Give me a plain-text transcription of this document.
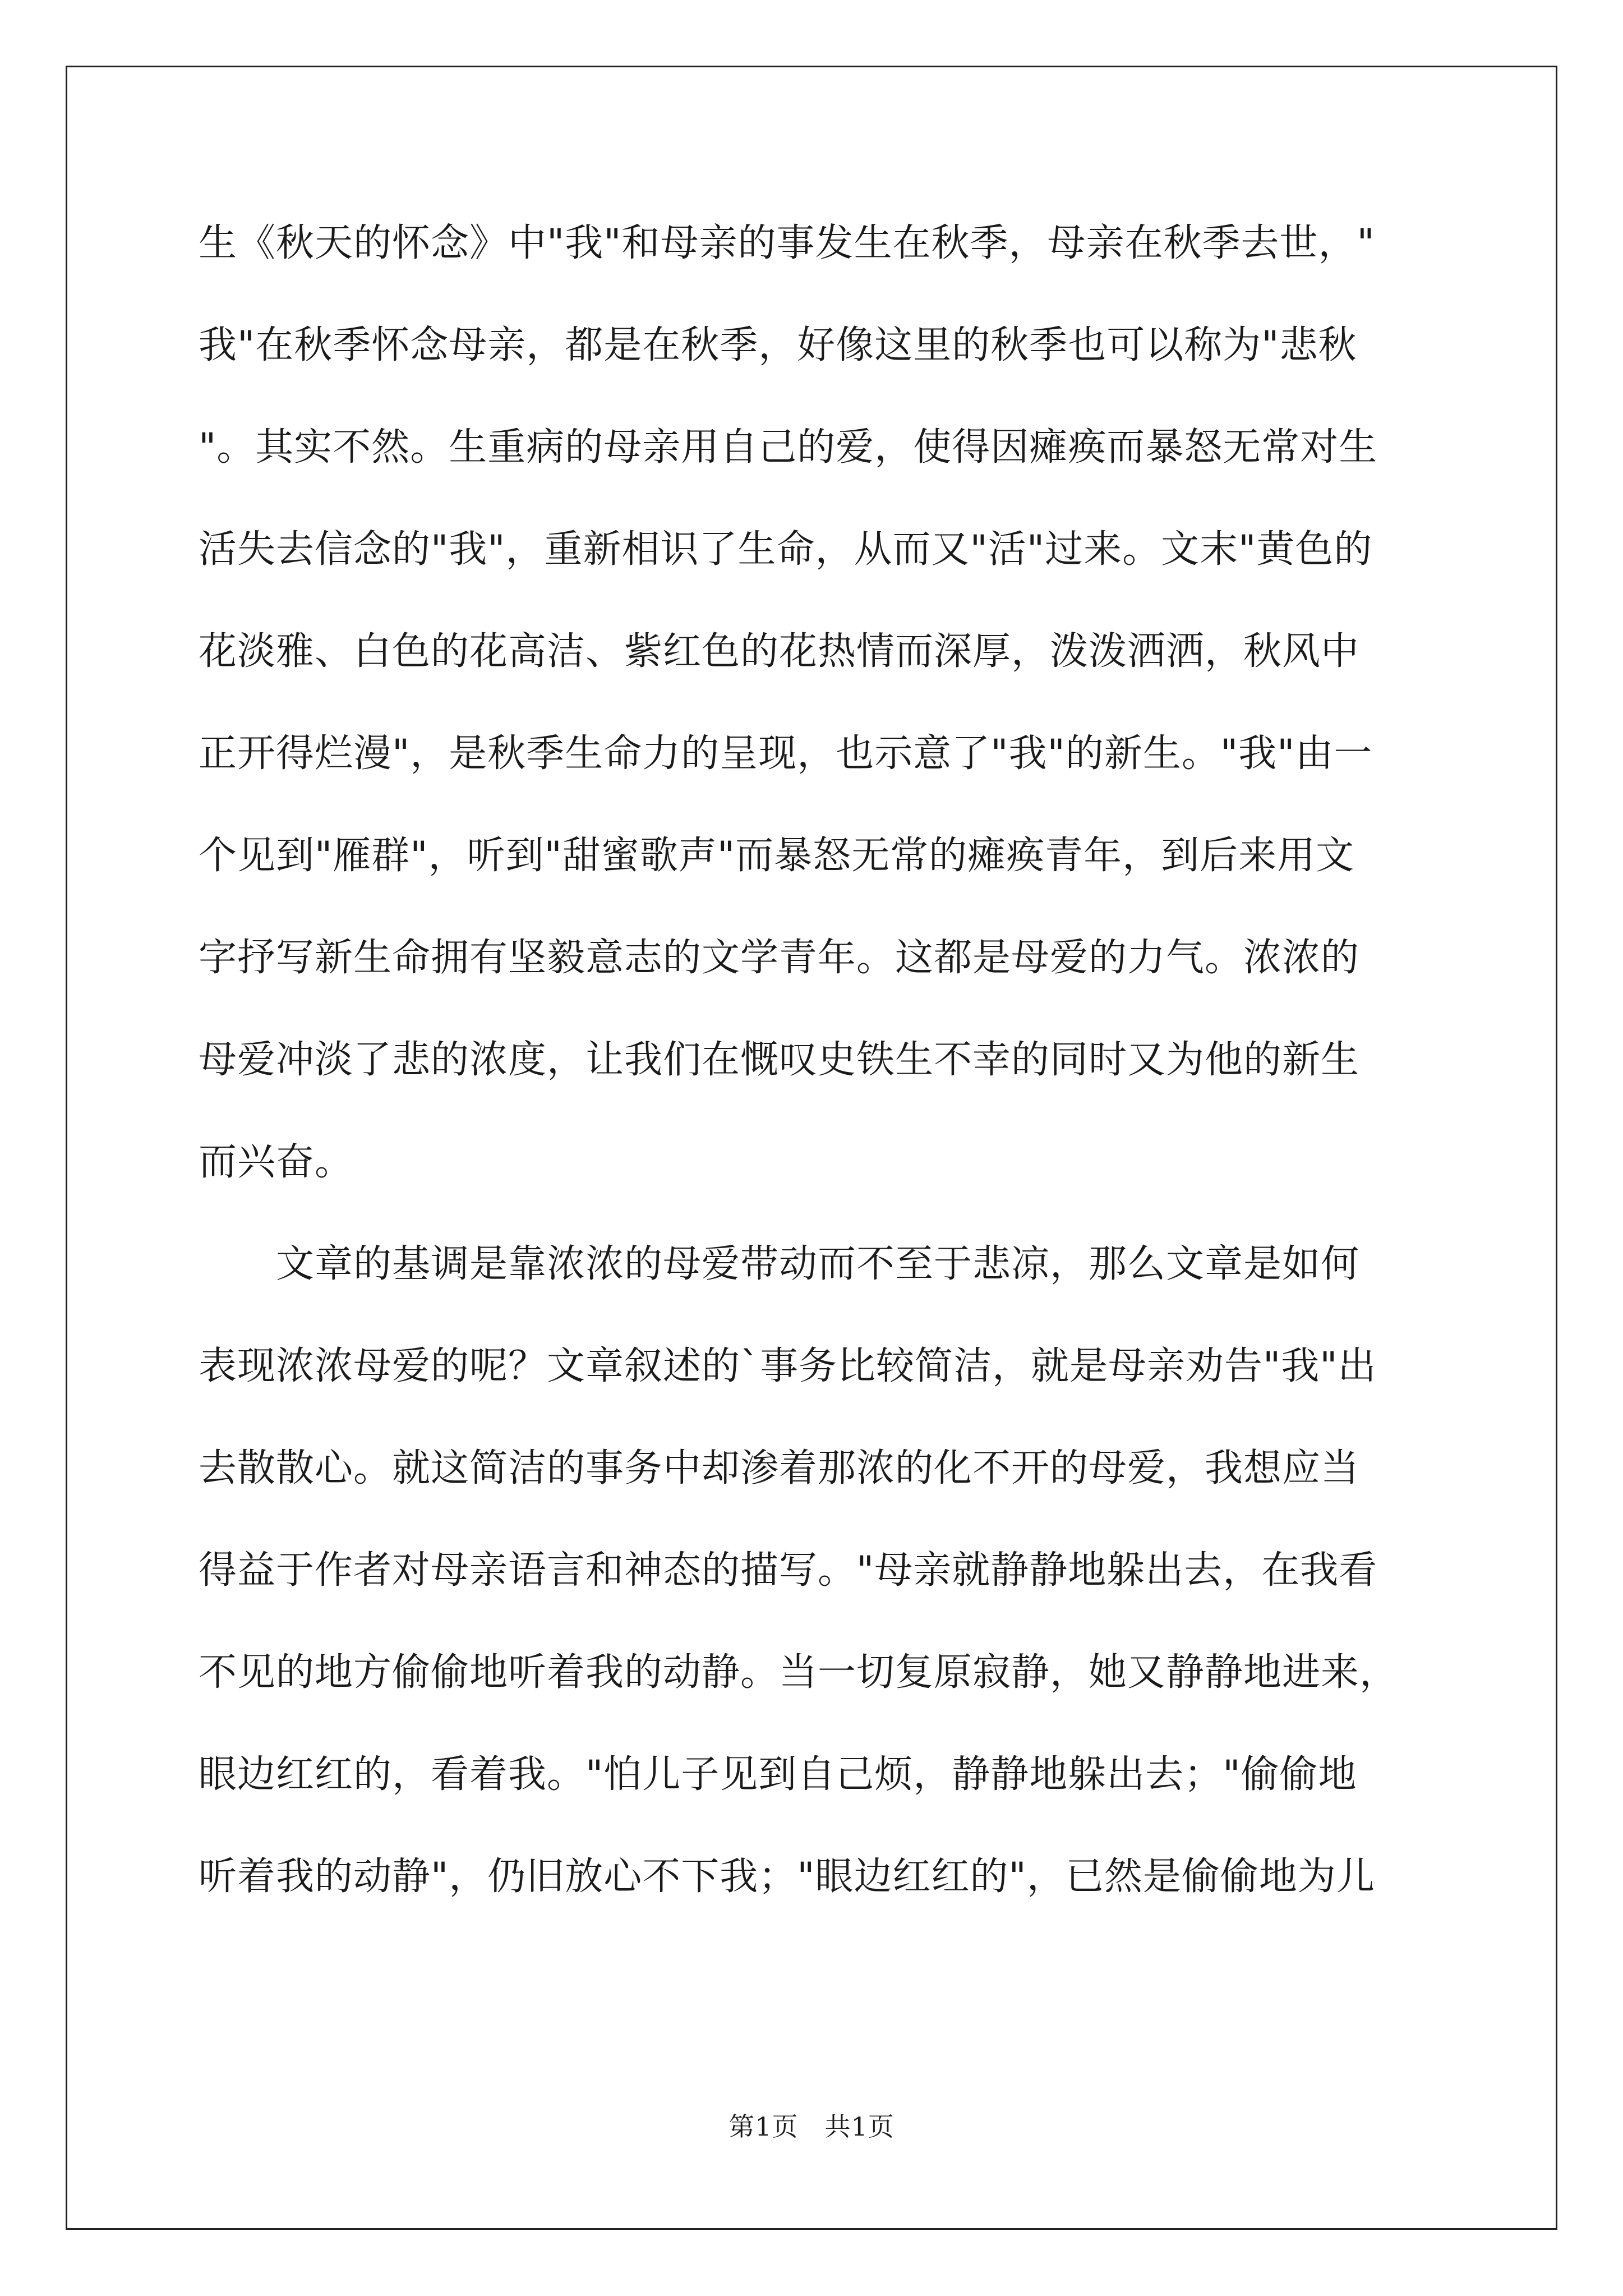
生《秋天的怀念》中"我"和母亲的事发生在秋季，母亲在秋季去世，"
我"在秋季怀念母亲，都是在秋季，好像这里的秋季也可以称为"悲秋
"。其实不然。生重病的母亲用自己的爱，使得因瘫痪而暴怒无常对生
活失去信念的"我"，重新相识了生命，从而又"活"过来。文末"黄色的
花淡雅、白色的花高洁、紫红色的花热情而深厚，泼泼洒洒，秋风中
正开得烂漫"，是秋季生命力的呈现，也示意了"我"的新生。"我"由一
个见到"雁群"，听到"甜蜜歌声"而暴怒无常的瘫痪青年，到后来用文
字抒写新生命拥有坚毅意志的文学青年。这都是母爱的力气。浓浓的
母爱冲淡了悲的浓度，让我们在慨叹史铁生不幸的同时又为他的新生
而兴奋。
　　文章的基调是靠浓浓的母爱带动而不至于悲凉，那么文章是如何
表现浓浓母爱的呢？文章叙述的`事务比较简洁，就是母亲劝告"我"出
去散散心。就这简洁的事务中却渗着那浓的化不开的母爱，我想应当
得益于作者对母亲语言和神态的描写。"母亲就静静地躲出去，在我看
不见的地方偷偷地听着我的动静。当一切复原寂静，她又静静地进来，
眼边红红的，看着我。"怕儿子见到自己烦，静静地躲出去；"偷偷地
听着我的动静"，仍旧放心不下我；"眼边红红的"，已然是偷偷地为儿
第1页　共1页
